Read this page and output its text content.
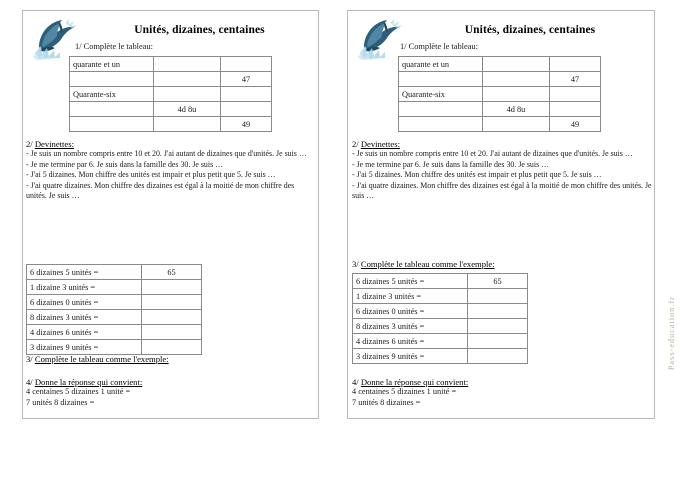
Unités, dizaines, centaines
1/ Complète le tableau:
quarante et un		
		47
Quarante-six		
	4d 8u	
		49
2/ Devinettes:

- Je suis un nombre compris entre 10 et 20. J'ai autant de dizaines que d'unités. Je suis …

- Je me termine par 6. Je suis dans la famille des 30. Je suis …

- J'ai 5 dizaines. Mon chiffre des unités est impair et plus petit que 5. Je suis …

- J'ai quatre dizaines. Mon chiffre des dizaines est égal à la moitié de mon chiffre des unités. Je suis …

6 dizaines 5 unités =	65
1 dizaine 3 unités =	
6 dizaines 0 unités =	
8 dizaines 3 unités =	
4 dizaines 6 unités =	
3 dizaines 9 unités =	
3/ Complète le tableau comme l'exemple:
4/ Donne la réponse qui convient:

4 centaines 5 dizaines 1 unité =

7 unités 8 dizaines =

Unités, dizaines, centaines
1/ Complète le tableau:
quarante et un		
		47
Quarante-six		
	4d 8u	
		49
2/ Devinettes:

- Je suis un nombre compris entre 10 et 20. J'ai autant de dizaines que d'unités. Je suis …

- Je me termine par 6. Je suis dans la famille des 30. Je suis …

- J'ai 5 dizaines. Mon chiffre des unités est impair et plus petit que 5. Je suis …

- J'ai quatre dizaines. Mon chiffre des dizaines est égal à la moitié de mon chiffre des unités. Je suis …

3/ Complète le tableau comme l'exemple:
6 dizaines 5 unités =	65
1 dizaine 3 unités =	
6 dizaines 0 unités =	
8 dizaines 3 unités =	
4 dizaines 6 unités =	
3 dizaines 9 unités =	
4/ Donne la réponse qui convient:

4 centaines 5 dizaines 1 unité =

7 unités 8 dizaines =

Pass-education.fr
